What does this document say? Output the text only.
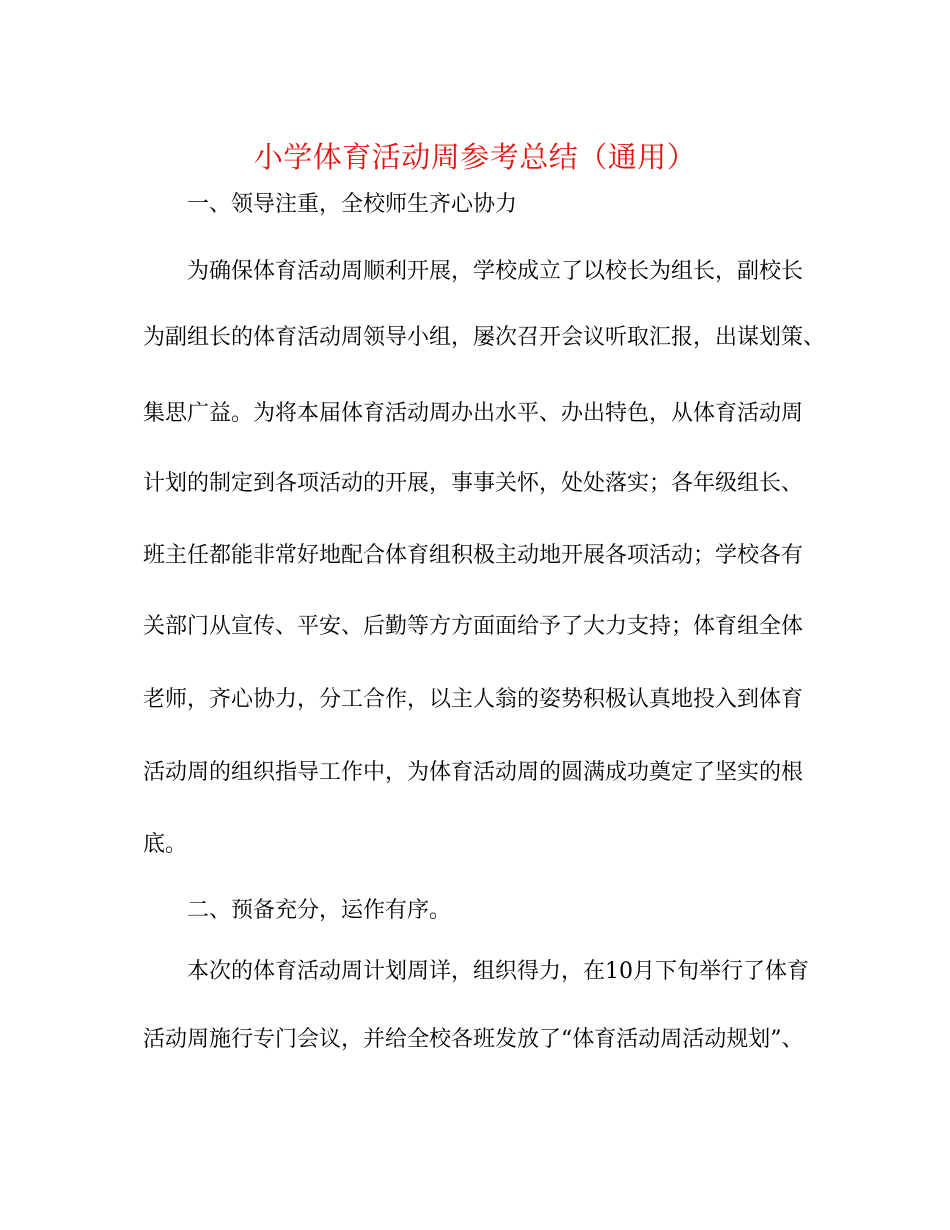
小学体育活动周参考总结（通用）
一、领导注重，全校师生齐心协力
为确保体育活动周顺利开展，学校成立了以校长为组长，副校长
为副组长的体育活动周领导小组，屡次召开会议听取汇报，出谋划策、
集思广益。为将本届体育活动周办出水平、办出特色，从体育活动周
计划的制定到各项活动的开展，事事关怀，处处落实；各年级组长、
班主任都能非常好地配合体育组积极主动地开展各项活动；学校各有
关部门从宣传、平安、后勤等方方面面给予了大力支持；体育组全体
老师，齐心协力，分工合作，以主人翁的姿势积极认真地投入到体育
活动周的组织指导工作中，为体育活动周的圆满成功奠定了坚实的根
底。
二、预备充分，运作有序。
本次的体育活动周计划周详，组织得力，在10月下旬举行了体育
活动周施行专门会议，并给全校各班发放了“体育活动周活动规划”、
